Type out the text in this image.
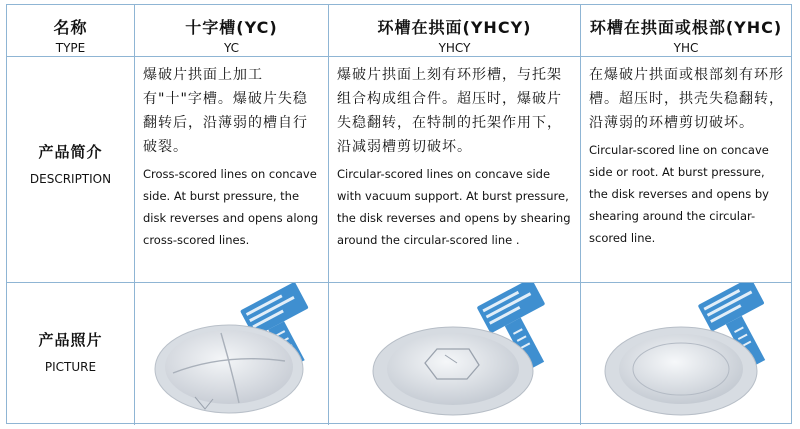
名称
TYPE
十字槽(YC)
YC
环槽在拱面(YHCY)
YHCY
环槽在拱面或根部(YHC)
YHC
产品简介
DESCRIPTION
爆破片拱面上加工有"十"字槽。爆破片失稳翻转后，沿薄弱的槽自行破裂。
Cross-scored lines on concave side. At burst pressure, the disk reverses and opens along cross-scored lines.
爆破片拱面上刻有环形槽，与托架组合构成组合件。超压时，爆破片失稳翻转，在特制的托架作用下，沿减弱槽剪切破坏。
Circular-scored lines on concave side with vacuum support. At burst pressure, the disk reverses and opens by shearing around the circular-scored line .
在爆破片拱面或根部刻有环形槽。超压时，拱壳失稳翻转，沿薄弱的环槽剪切破坏。
Circular-scored line on concave side or root. At burst pressure, the disk reverses and opens by shearing around the circular-scored line.
产品照片
PICTURE
